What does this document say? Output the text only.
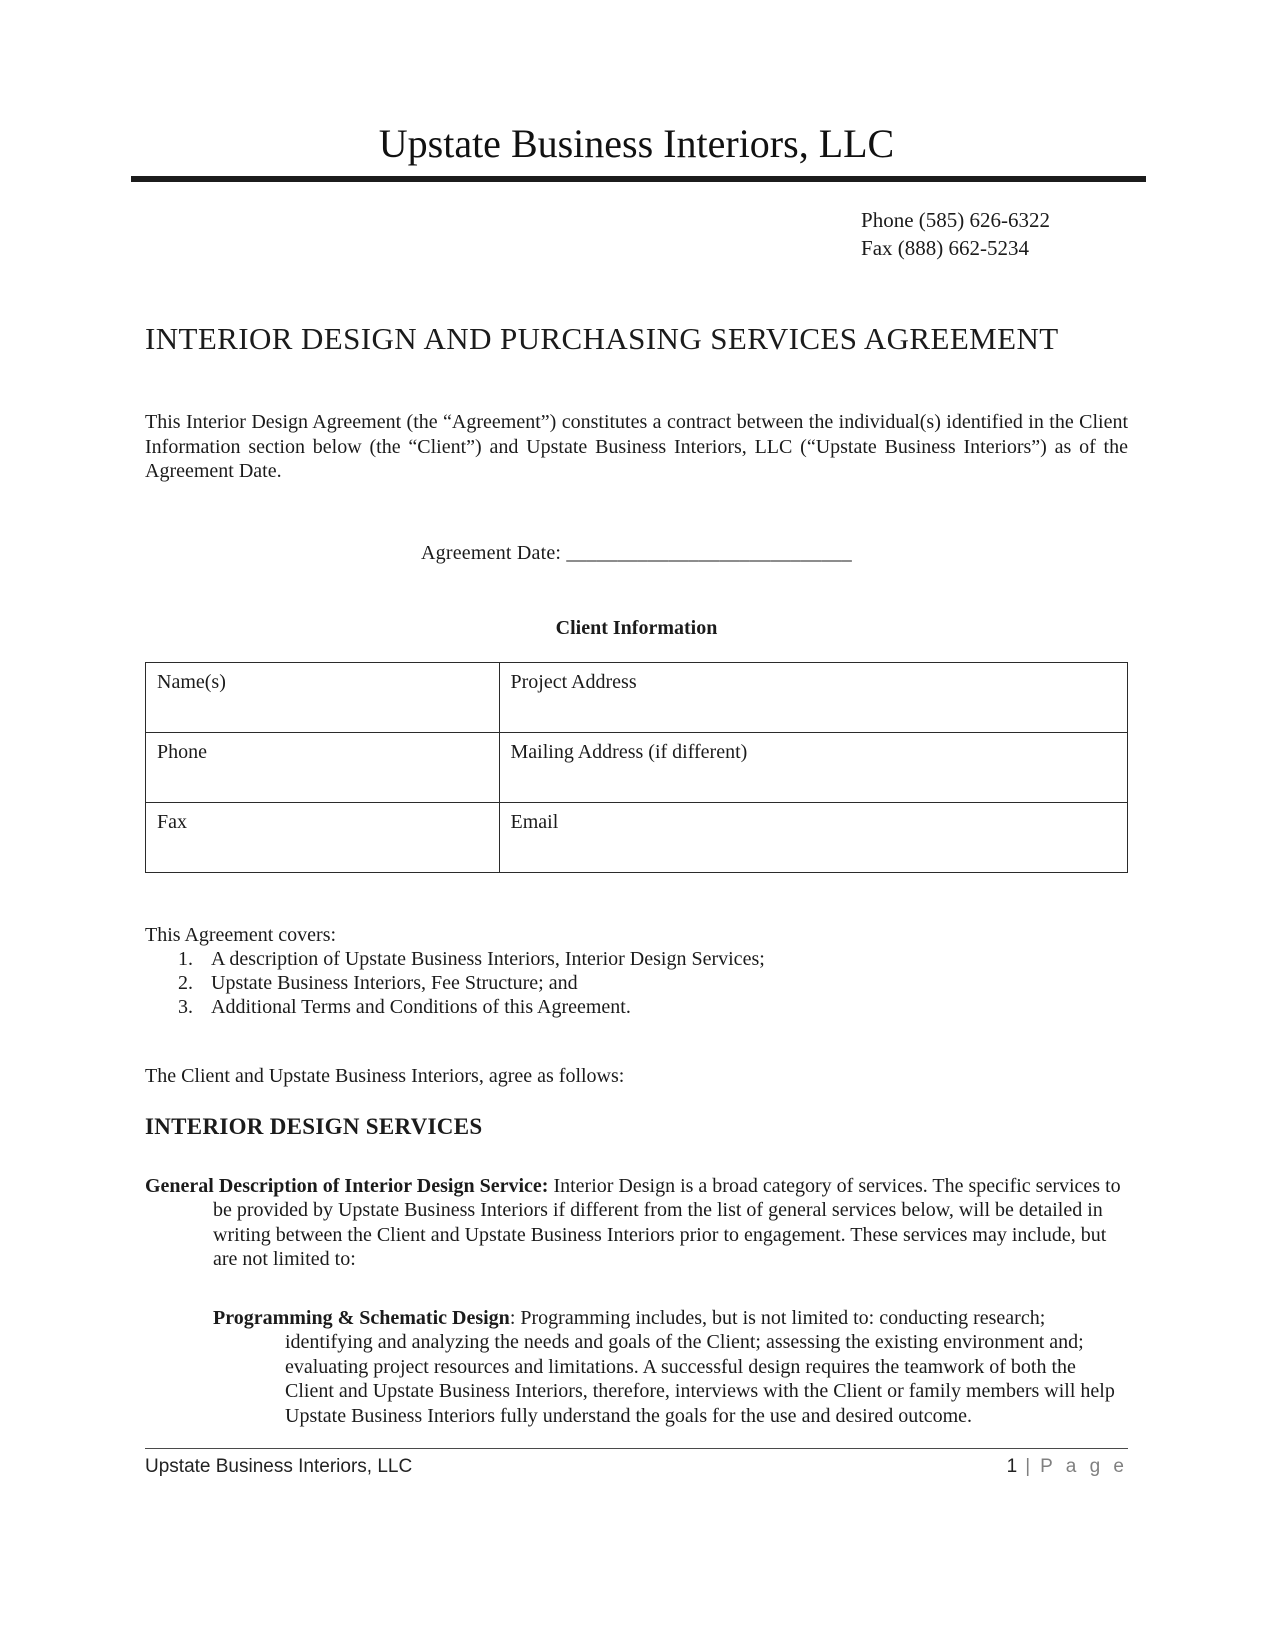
Upstate Business Interiors, LLC
Phone (585) 626-6322
Fax (888) 662-5234
INTERIOR DESIGN AND PURCHASING SERVICES AGREEMENT

This Interior Design Agreement (the “Agreement”) constitutes a contract between the individual(s) identified in the Client Information section below (the “Client”) and Upstate Business Interiors, LLC (“Upstate Business Interiors”) as of the Agreement Date.

Agreement Date: ____________________________
Client Information
Name(s)	Project Address
Phone	Mailing Address (if different)
Fax	Email
This Agreement covers:
1. A description of Upstate Business Interiors, Interior Design Services;
2. Upstate Business Interiors, Fee Structure; and
3. Additional Terms and Conditions of this Agreement.
The Client and Upstate Business Interiors, agree as follows:
INTERIOR DESIGN SERVICES

General Description of Interior Design Service: Interior Design is a broad category of services. The specific services to be provided by Upstate Business Interiors if different from the list of general services below, will be detailed in writing between the Client and Upstate Business Interiors prior to engagement. These services may include, but are not limited to:

Programming & Schematic Design: Programming includes, but is not limited to: conducting research; identifying and analyzing the needs and goals of the Client; assessing the existing environment and; evaluating project resources and limitations. A successful design requires the teamwork of both the Client and Upstate Business Interiors, therefore, interviews with the Client or family members will help Upstate Business Interiors fully understand the goals for the use and desired outcome.

Upstate Business Interiors, LLC	1 | P a g e
